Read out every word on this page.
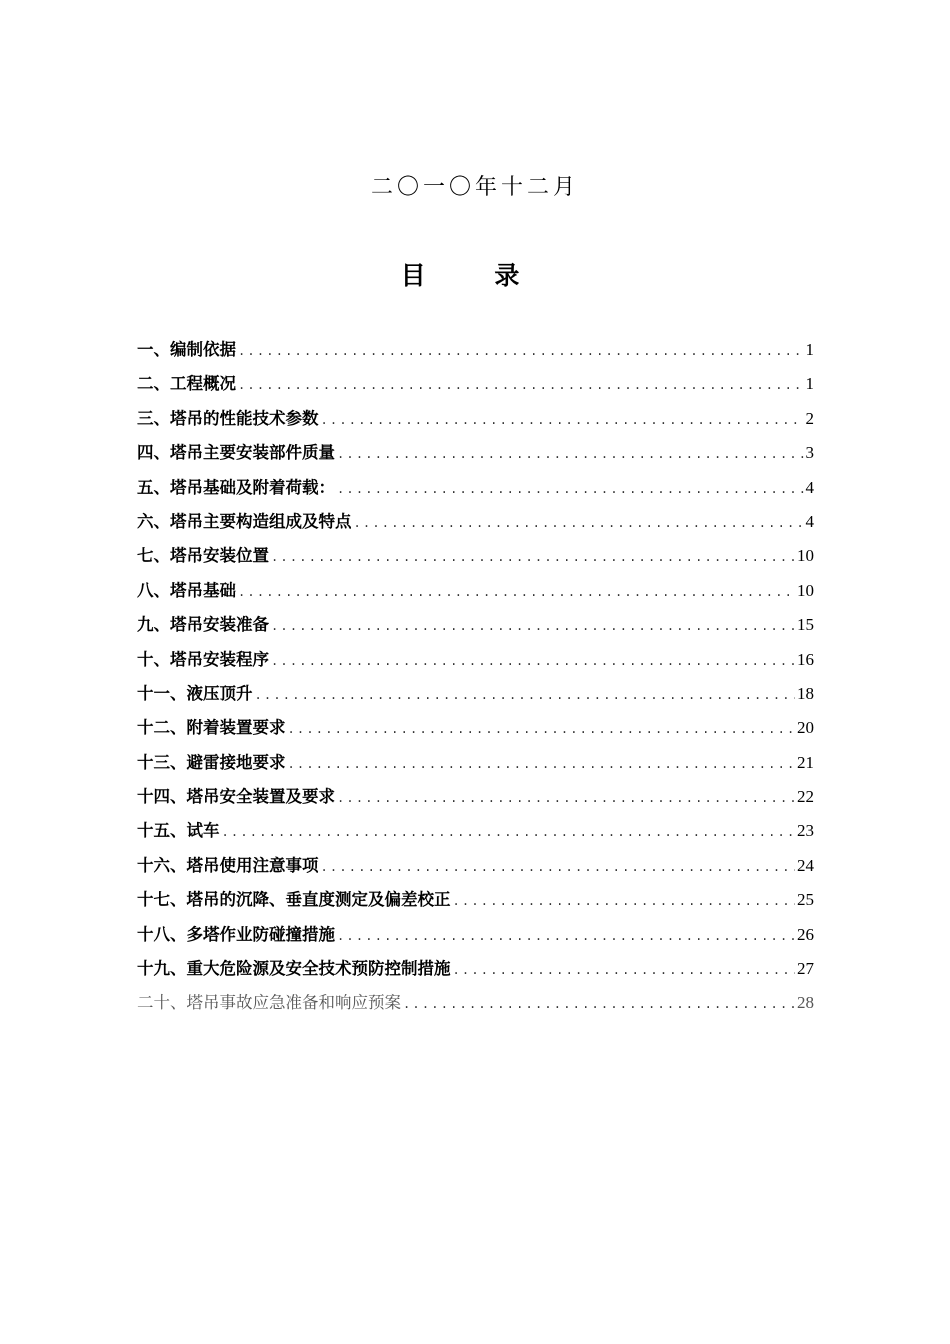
二〇一〇年十二月
目 录
一、编制依据 .....	1
二、工程概况 .....	1
三、塔吊的性能技术参数 .....	2
四、塔吊主要安装部件质量 .....	3
五、塔吊基础及附着荷载： .....	4
六、塔吊主要构造组成及特点 .....	4
七、塔吊安装位置 .....	10
八、塔吊基础 .....	10
九、塔吊安装准备 .....	15
十、塔吊安装程序 .....	16
十一、液压顶升 .....	18
十二、附着装置要求 .....	20
十三、避雷接地要求 .....	21
十四、塔吊安全装置及要求 .....	22
十五、试车 .....	23
十六、塔吊使用注意事项 .....	24
十七、塔吊的沉降、垂直度测定及偏差校正 .....	25
十八、多塔作业防碰撞措施 .....	26
十九、重大危险源及安全技术预防控制措施 .....	27
二十、塔吊事故应急准备和响应预案 .....	28
